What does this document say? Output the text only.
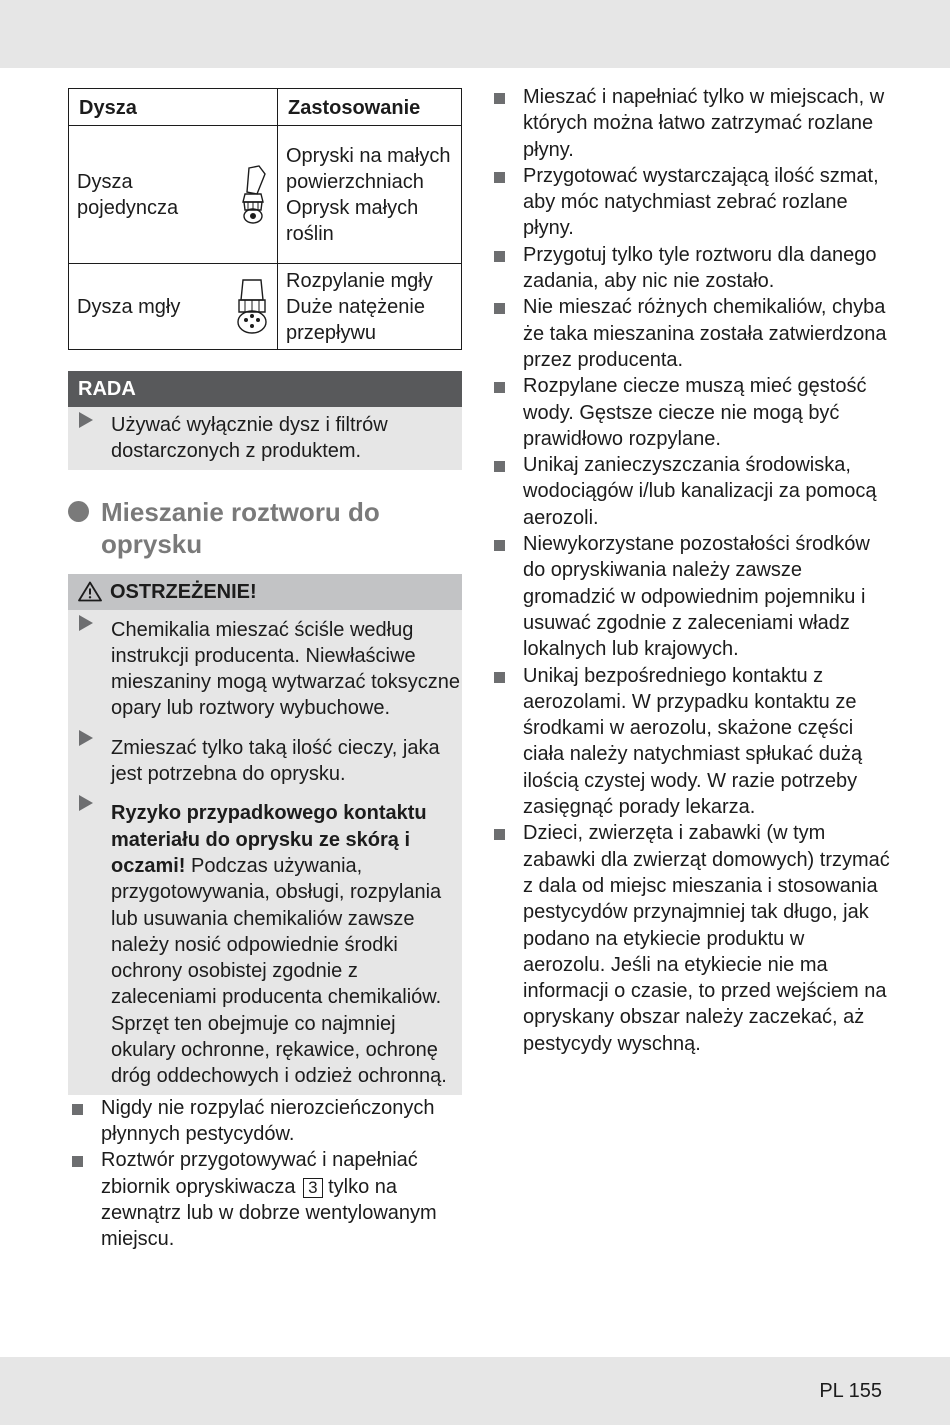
Dysza	Zastosowanie
Dysza pojedyncza	Opryski na małych powierzchniach Oprysk małych roślin
Dysza mgły	Rozpylanie mgły Duże natężenie przepływu
RADA
Używać wyłącznie dysz i filtrów dostarczonych z produktem.
Mieszanie roztworu do oprysku
OSTRZEŻENIE!
Chemikalia mieszać ściśle według instrukcji producenta. Niewłaściwe mieszaniny mogą wytwarzać toksyczne opary lub roztwory wybuchowe.
Zmieszać tylko taką ilość cieczy, jaka jest potrzebna do oprysku.
Ryzyko przypadkowego kontaktu materiału do oprysku ze skórą i oczami! Podczas używania, przygotowywania, obsługi, rozpylania lub usuwania chemikaliów zawsze należy nosić odpowiednie środki ochrony osobistej zgodnie z zaleceniami producenta chemikaliów. Sprzęt ten obejmuje co najmniej okulary ochronne, rękawice, ochronę dróg oddechowych i odzież ochronną.
Nigdy nie rozpylać nierozcieńczonych płynnych pestycydów.
Roztwór przygotowywać i napełniać zbiornik opryskiwacza 3 tylko na zewnątrz lub w dobrze wentylowanym miejscu.
Mieszać i napełniać tylko w miejscach, w których można łatwo zatrzymać rozlane płyny.
Przygotować wystarczającą ilość szmat, aby móc natychmiast zebrać rozlane płyny.
Przygotuj tylko tyle roztworu dla danego zadania, aby nic nie zostało.
Nie mieszać różnych chemikaliów, chyba że taka mieszanina została zatwierdzona przez producenta.
Rozpylane ciecze muszą mieć gęstość wody. Gęstsze ciecze nie mogą być prawidłowo rozpylane.
Unikaj zanieczyszczania środowiska, wodociągów i/lub kanalizacji za pomocą aerozoli.
Niewykorzystane pozostałości środków do opryskiwania należy zawsze gromadzić w odpowiednim pojemniku i usuwać zgodnie z zaleceniami władz lokalnych lub krajowych.
Unikaj bezpośredniego kontaktu z aerozolami. W przypadku kontaktu ze środkami w aerozolu, skażone części ciała należy natychmiast spłukać dużą ilością czystej wody. W razie potrzeby zasięgnąć porady lekarza.
Dzieci, zwierzęta i zabawki (w tym zabawki dla zwierząt domowych) trzymać z dala od miejsc mieszania i stosowania pestycydów przynajmniej tak długo, jak podano na etykiecie produktu w aerozolu. Jeśli na etykiecie nie ma informacji o czasie, to przed wejściem na opryskany obszar należy zaczekać, aż pestycydy wyschną.
PL 155
